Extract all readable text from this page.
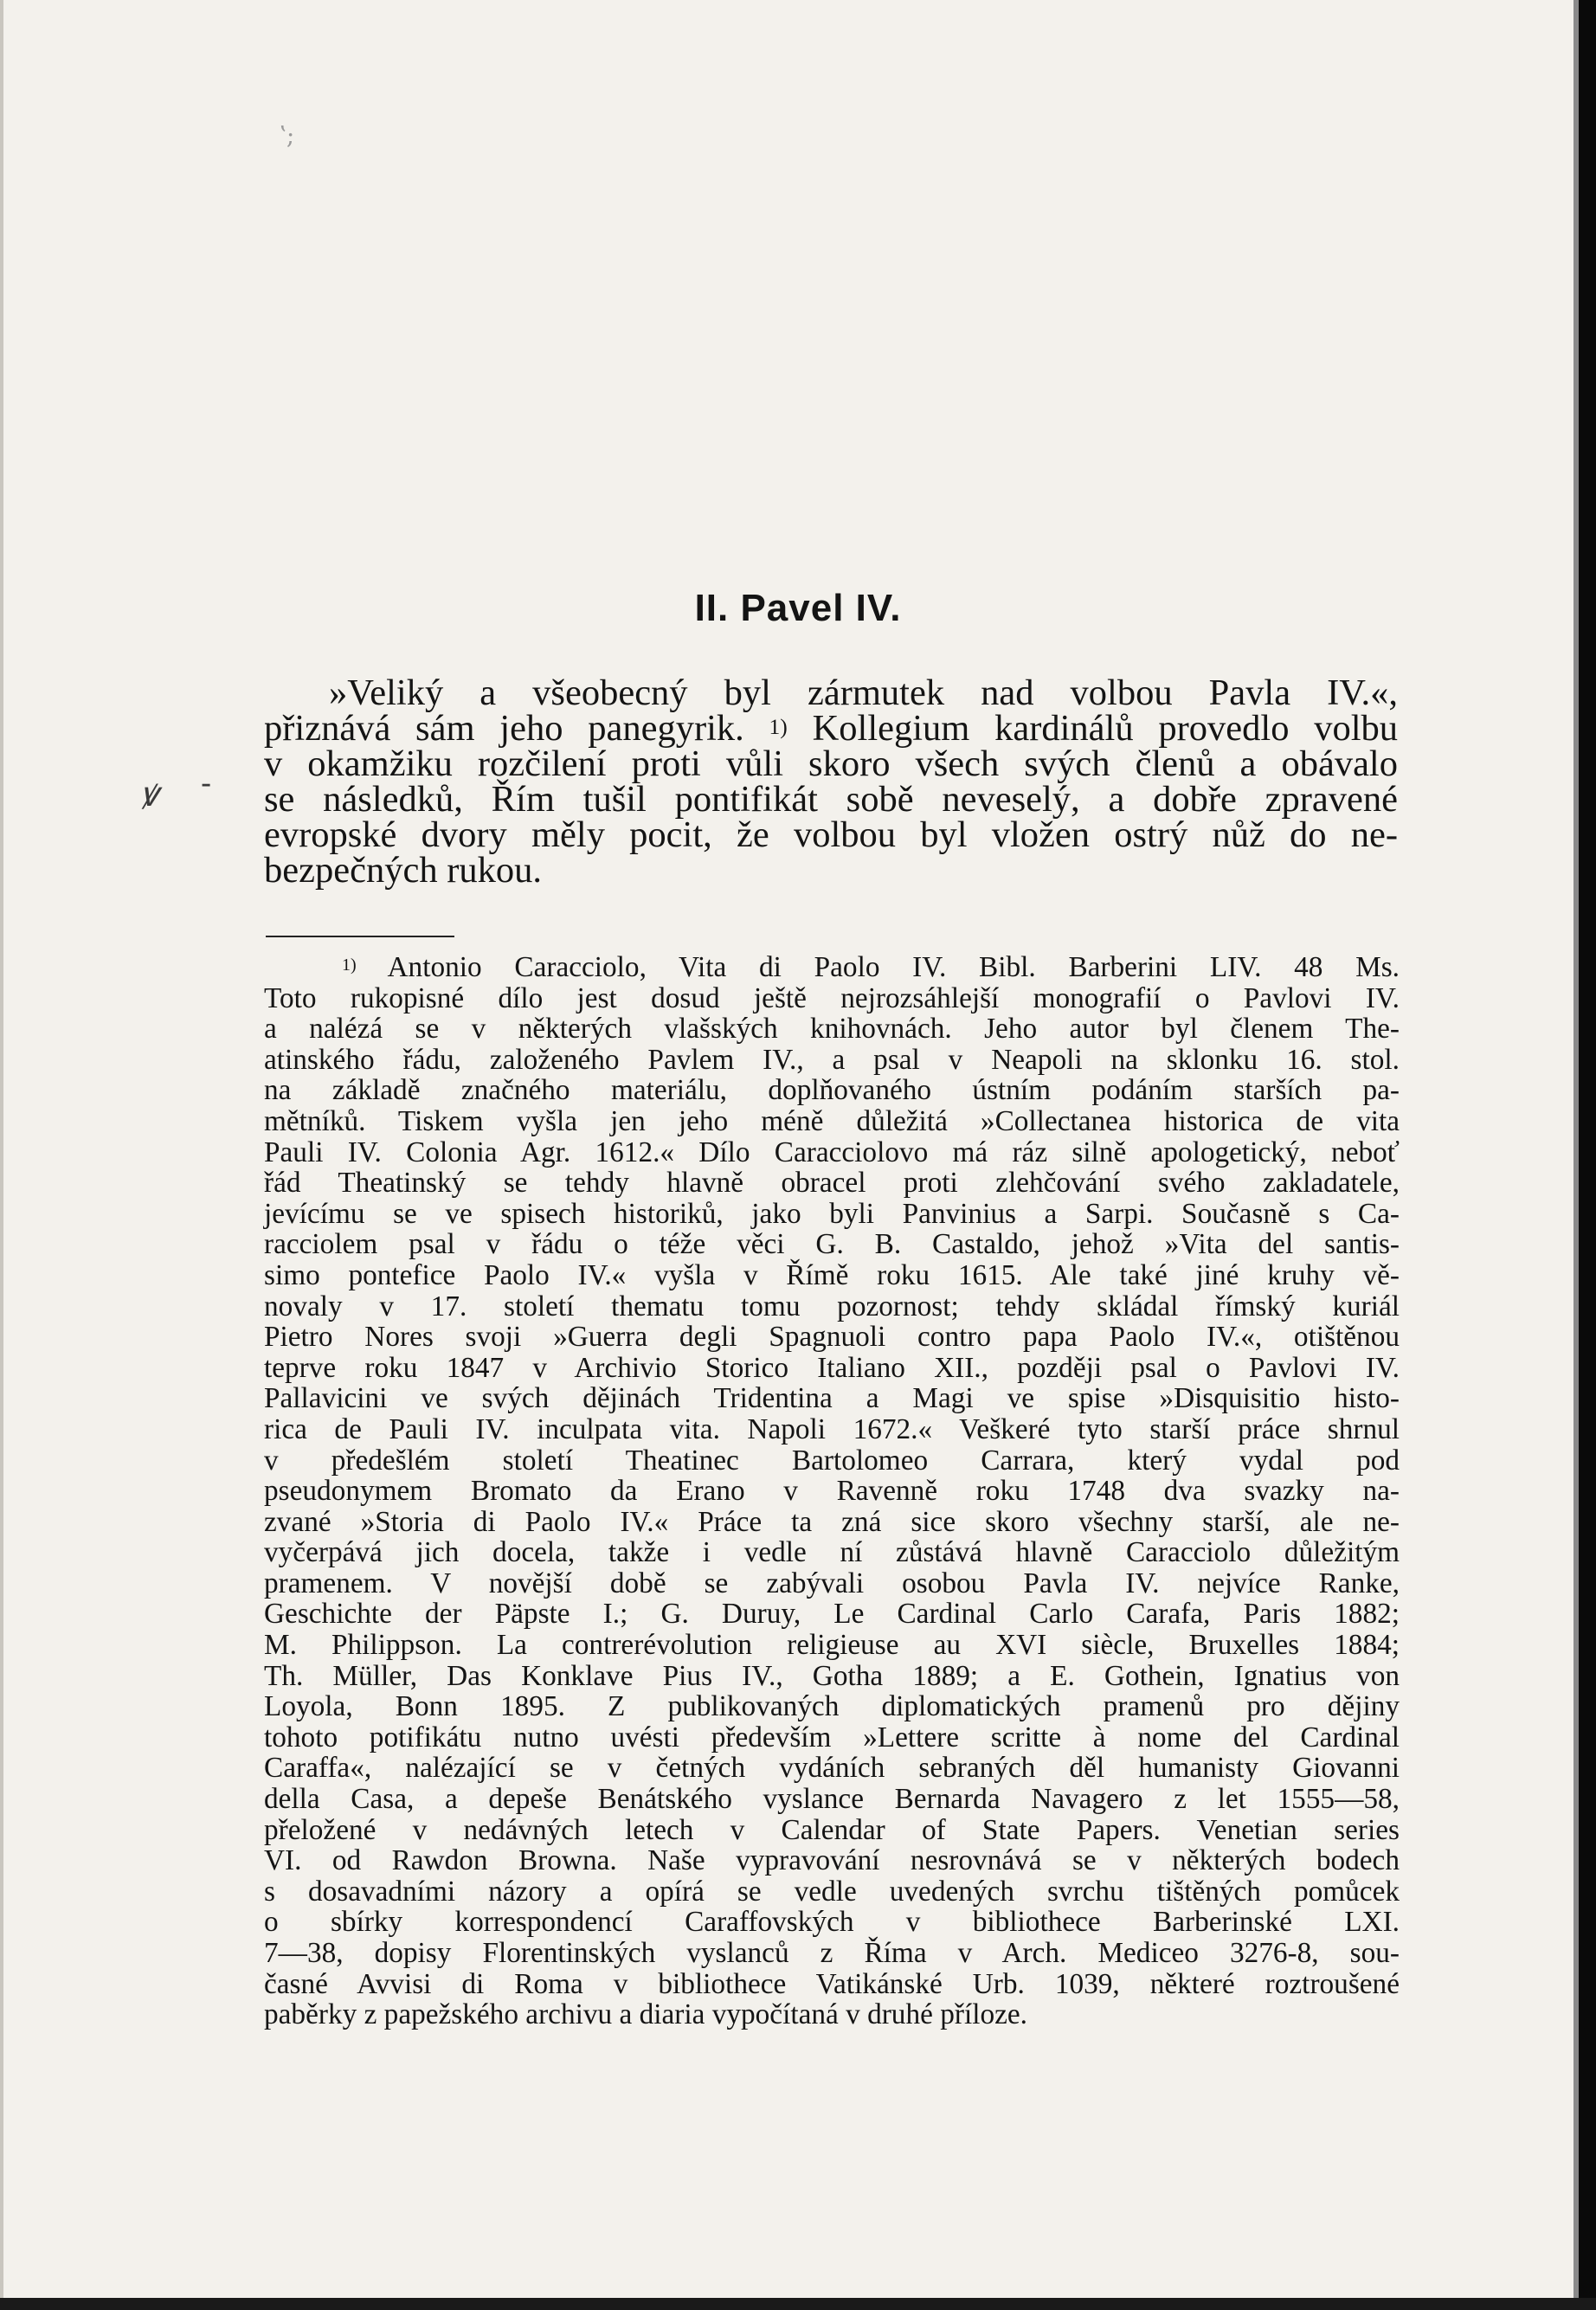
ʽ;
ꝟ -
II. Pavel IV.

»Veliký a všeobecný byl zármutek nad volbou Pavla IV.«,
přiznává sám jeho panegyrik. $^{1)}$ Kollegium kardinálů provedlo volbu
v okamžiku rozčilení proti vůli skoro všech svých členů a obávalo
se následků, Řím tušil pontifikát sobě neveselý, a dobře zpravené
evropské dvory měly pocit, že volbou byl vložen ostrý nůž do ne-
bezpečných rukou.

$^{1)}$ Antonio Caracciolo, Vita di Paolo IV. Bibl. Barberini LIV. 48 Ms.
Toto rukopisné dílo jest dosud ještě nejrozsáhlejší monografií o Pavlovi IV.
a nalézá se v některých vlašských knihovnách. Jeho autor byl členem The-
atinského řádu, založeného Pavlem IV., a psal v Neapoli na sklonku 16. stol.
na základě značného materiálu, doplňovaného ústním podáním starších pa-
mětníků. Tiskem vyšla jen jeho méně důležitá »Collectanea historica de vita
Pauli IV. Colonia Agr. 1612.« Dílo Caracciolovo má ráz silně apologetický, neboť
řád Theatinský se tehdy hlavně obracel proti zlehčování svého zakladatele,
jevícímu se ve spisech historiků, jako byli Panvinius a Sarpi. Současně s Ca-
racciolem psal v řádu o téže věci G. B. Castaldo, jehož »Vita del santis-
simo pontefice Paolo IV.« vyšla v Římě roku 1615. Ale také jiné kruhy vě-
novaly v 17. století thematu tomu pozornost; tehdy skládal římský kuriál
Pietro Nores svoji »Guerra degli Spagnuoli contro papa Paolo IV.«, otištěnou
teprve roku 1847 v Archivio Storico Italiano XII., později psal o Pavlovi IV.
Pallavicini ve svých dějinách Tridentina a Magi ve spise »Disquisitio histo-
rica de Pauli IV. inculpata vita. Napoli 1672.« Veškeré tyto starší práce shrnul
v předešlém století Theatinec Bartolomeo Carrara, který vydal pod
pseudonymem Bromato da Erano v Ravenně roku 1748 dva svazky na-
zvané »Storia di Paolo IV.« Práce ta zná sice skoro všechny starší, ale ne-
vyčerpává jich docela, takže i vedle ní zůstává hlavně Caracciolo důležitým
pramenem. V novější době se zabývali osobou Pavla IV. nejvíce Ranke,
Geschichte der Päpste I.; G. Duruy, Le Cardinal Carlo Carafa, Paris 1882;
M. Philippson. La contrerévolution religieuse au XVI siècle, Bruxelles 1884;
Th. Müller, Das Konklave Pius IV., Gotha 1889; a E. Gothein, Ignatius von
Loyola, Bonn 1895. Z publikovaných diplomatických pramenů pro dějiny
tohoto potifikátu nutno uvésti především »Lettere scritte à nome del Cardinal
Caraffa«, nalézající se v četných vydáních sebraných děl humanisty Giovanni
della Casa, a depeše Benátského vyslance Bernarda Navagero z let 1555—58,
přeložené v nedávných letech v Calendar of State Papers. Venetian series
VI. od Rawdon Browna. Naše vypravování nesrovnává se v některých bodech
s dosavadními názory a opírá se vedle uvedených svrchu tištěných pomůcek
o sbírky korrespondencí Caraffovských v bibliothece Barberinské LXI.
7—38, dopisy Florentinských vyslanců z Říma v Arch. Mediceo 3276-8, sou-
časné Avvisi di Roma v bibliothece Vatikánské Urb. 1039, některé roztroušené
paběrky z papežského archivu a diaria vypočítaná v druhé příloze.
